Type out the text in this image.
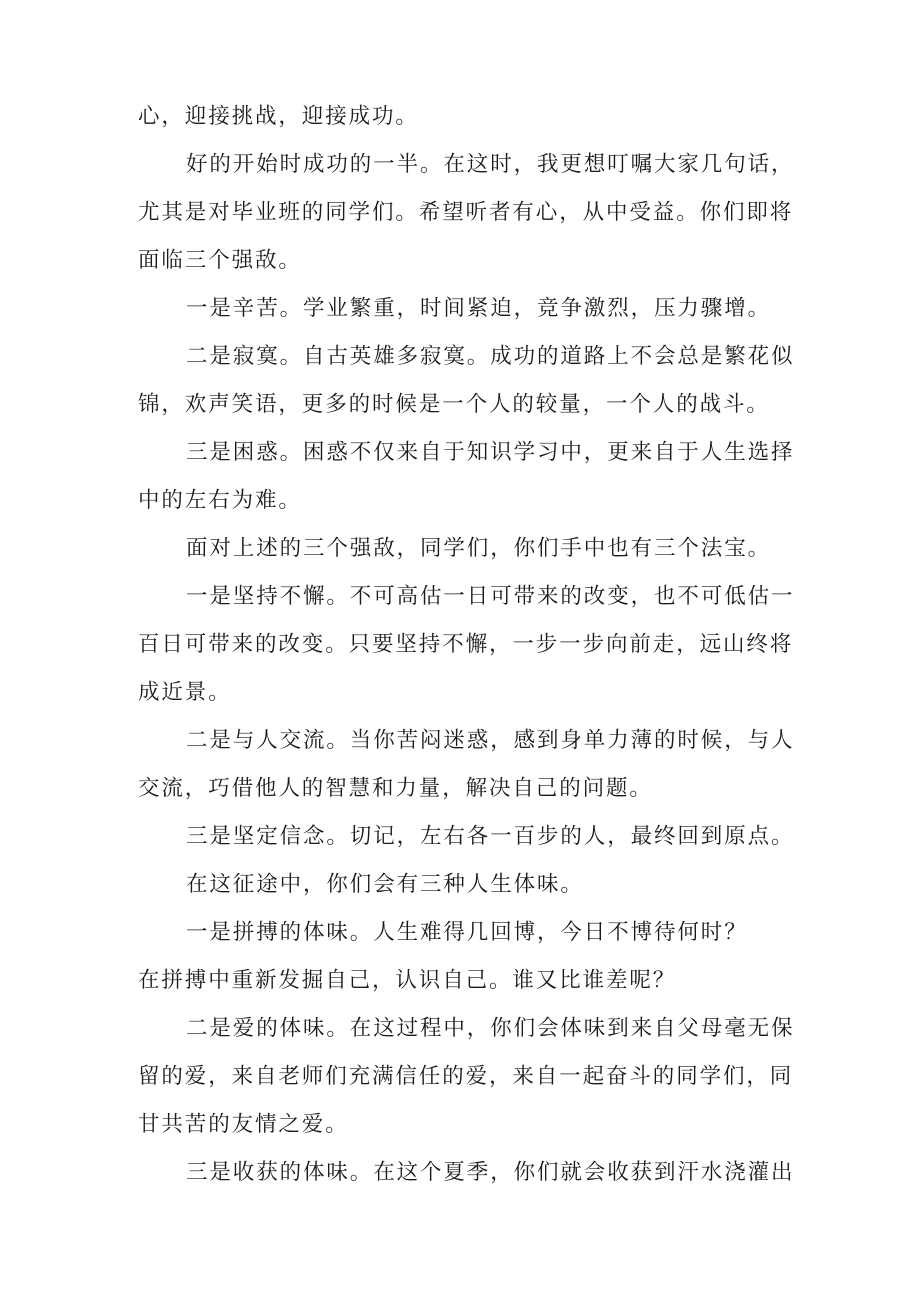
心，迎接挑战，迎接成功。
好的开始时成功的一半。在这时，我更想叮嘱大家几句话，
尤其是对毕业班的同学们。希望听者有心，从中受益。你们即将
面临三个强敌。
一是辛苦。学业繁重，时间紧迫，竞争激烈，压力骤增。
二是寂寞。自古英雄多寂寞。成功的道路上不会总是繁花似
锦，欢声笑语，更多的时候是一个人的较量，一个人的战斗。
三是困惑。困惑不仅来自于知识学习中，更来自于人生选择
中的左右为难。
面对上述的三个强敌，同学们，你们手中也有三个法宝。
一是坚持不懈。不可高估一日可带来的改变，也不可低估一
百日可带来的改变。只要坚持不懈，一步一步向前走，远山终将
成近景。
二是与人交流。当你苦闷迷惑，感到身单力薄的时候，与人
交流，巧借他人的智慧和力量，解决自己的问题。
三是坚定信念。切记，左右各一百步的人，最终回到原点。
在这征途中，你们会有三种人生体味。
一是拼搏的体味。人生难得几回博，今日不博待何时？
在拼搏中重新发掘自己，认识自己。谁又比谁差呢？
二是爱的体味。在这过程中，你们会体味到来自父母毫无保
留的爱，来自老师们充满信任的爱，来自一起奋斗的同学们，同
甘共苦的友情之爱。
三是收获的体味。在这个夏季，你们就会收获到汗水浇灌出
